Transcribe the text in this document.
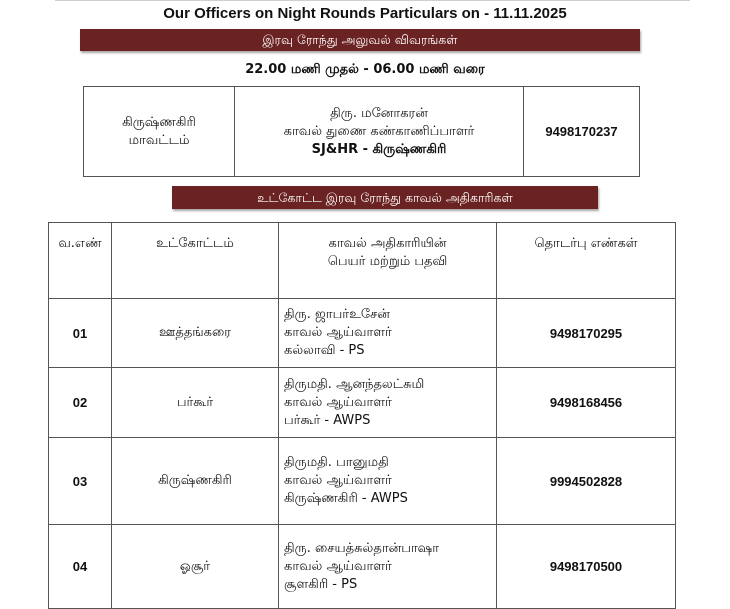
Our Officers on Night Rounds Particulars on - 11.11.2025
இரவு ரோந்து அலுவல் விவரங்கள்
22.00 மணி முதல் - 06.00 மணி வரை
கிருஷ்ணகிரி
மாவட்டம்

திரு. மனோகரன்
காவல் துணை கண்காணிப்பாளர்
SJ&HR - கிருஷ்ணகிரி
	9498170237
உட்கோட்ட இரவு ரோந்து காவல் அதிகாரிகள்
வ.எண்	உட்கோட்டம்	காவல் அதிகாரியின்
பெயர் மற்றும் பதவி	தொடர்பு எண்கள்
01	ஊத்தங்கரை	திரு. ஜாபர்உசேன்
காவல் ஆய்வாளர்
கல்லாவி - PS	9498170295
02	பர்கூர்	திருமதி. ஆனந்தலட்சுமி
காவல் ஆய்வாளர்
பர்கூர் - AWPS	9498168456
03	கிருஷ்ணகிரி	திருமதி. பானுமதி
காவல் ஆய்வாளர்
கிருஷ்ணகிரி - AWPS	9994502828
04	ஓசூர்	திரு. சையத்சுல்தான்பாஷா
காவல் ஆய்வாளர்
சூளகிரி - PS	9498170500
